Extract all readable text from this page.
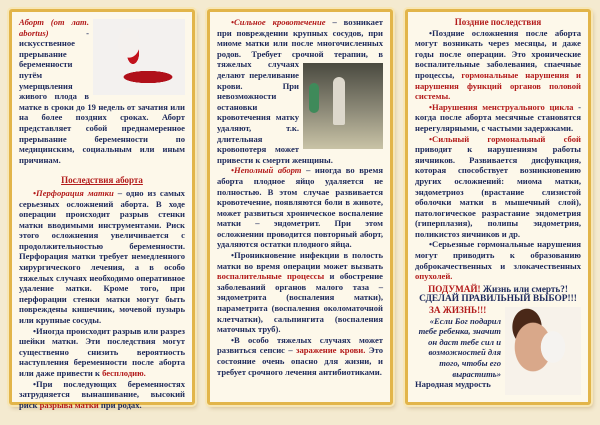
Аборт (от лат. abortus) - искусственное прерывание беременности путём умерщвления живого плода в матке в сроки до 19 недель от зачатия или на более поздних сроках. Аборт представляет собой преднамеренное прерывание беременности по медицинским, социальным или иным причинам.

Последствия аборта

•Перфорация матки – одно из самых серьезных осложнений аборта. В ходе операции происходит разрыв стенки матки вводимыми инструментами. Риск этого осложнения увеличивается с продолжительностью беременности. Перфорация матки требует немедленного хирургического лечения, а в особо тяжелых случаях необходимо оперативное удаление матки. Кроме того, при перфорации стенки матки могут быть повреждены кишечник, мочевой пузырь или крупные сосуды.

•Иногда происходит разрыв или разрез шейки матки. Эти последствия могут существенно снизить вероятность наступления беременности после аборта или даже привести к бесплодию.

•При последующих беременностях затрудняется вынашивание, высокий риск разрыва матки при родах.

•Сильное кровотечение – возникает при повреждении крупных сосудов, при миоме матки или после многочисленных родов. Требует срочной терапии, в тяжелых случаях делают переливание крови. При невозможности остановки кровотечения матку удаляют, т.к. длительная кровопотеря может привести к смерти женщины.

•Неполный аборт – иногда во время аборта плодное яйцо удаляется не полностью. В этом случае развивается кровотечение, появляются боли в животе, может развиться хроническое воспаление матки – эндометрит. При этом осложнении проводится повторный аборт, удаляются остатки плодного яйца.

•Проникновение инфекции в полость матки во время операции может вызвать воспалительные процессы и обострение заболеваний органов малого таза – эндометрита (воспаления матки), параметрита (воспаления околоматочной клетчатки), сальпингита (воспаления маточных труб).

•В особо тяжелых случаях может развиться сепсис – заражение крови. Это состояние очень опасно для жизни, и требует срочного лечения антибиотиками.

Поздние последствия

•Поздние осложнения после аборта могут возникать через месяцы, и даже годы после операции. Это хронические воспалительные заболевания, спаечные процессы, гормональные нарушения и нарушения функций органов половой системы.

•Нарушения менструального цикла - когда после аборта месячные становятся нерегулярными, с частыми задержками.

•Сильный гормональный сбой приводит к нарушениям работы яичников. Развивается дисфункция, которая способствует возникновению других осложнений: миома матки, эндометриоз (врастание слизистой оболочки матки в мышечный слой), патологическое разрастание эндометрия (гиперплазия), полипы эндометрия, поликистоз яичников и др.

•Серьезные гормональные нарушения могут приводить к образованию доброкачественных и злокачественных опухолей.

ПОДУМАЙ! Жизнь или смерть?!

СДЕЛАЙ ПРАВИЛЬНЫЙ ВЫБОР!!!

ЗА ЖИЗНЬ!!!

«Если Бог подарил тебе ребенка, значит он даст тебе сил и возможностей для того, чтобы его вырастить»

Народная мудрость
